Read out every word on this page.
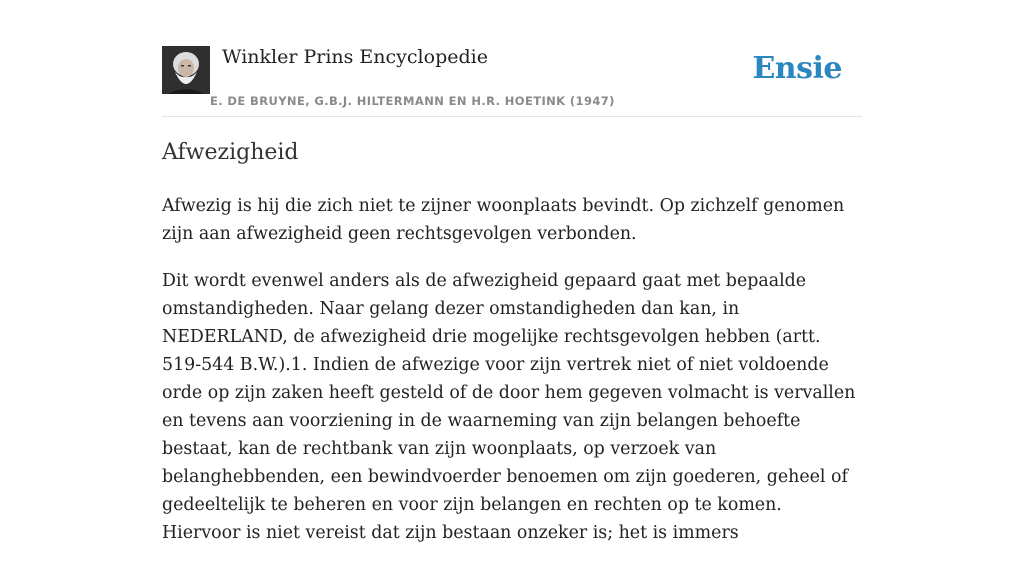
Winkler Prins Encyclopedie
E. DE BRUYNE, G.B.J. HILTERMANN EN H.R. HOETINK (1947)
Ensie
Afwezigheid

Afwezig is hij die zich niet te zijner woonplaats bevindt. Op zichzelf genomen zijn aan afwezigheid geen rechtsgevolgen verbonden.

Dit wordt evenwel anders als de afwezigheid gepaard gaat met bepaalde omstandigheden. Naar gelang dezer omstandigheden dan kan, in NEDERLAND, de afwezigheid drie mogelijke rechtsgevolgen hebben (artt. 519-544 B.W.).1. Indien de afwezige voor zijn vertrek niet of niet voldoende orde op zijn zaken heeft gesteld of de door hem gegeven volmacht is vervallen en tevens aan voorziening in de waarneming van zijn belangen behoefte bestaat, kan de rechtbank van zijn woonplaats, op verzoek van belanghebbenden, een bewindvoerder benoemen om zijn goederen, geheel of gedeeltelijk te beheren en voor zijn belangen en rechten op te komen. Hiervoor is niet vereist dat zijn bestaan onzeker is; het is immers
